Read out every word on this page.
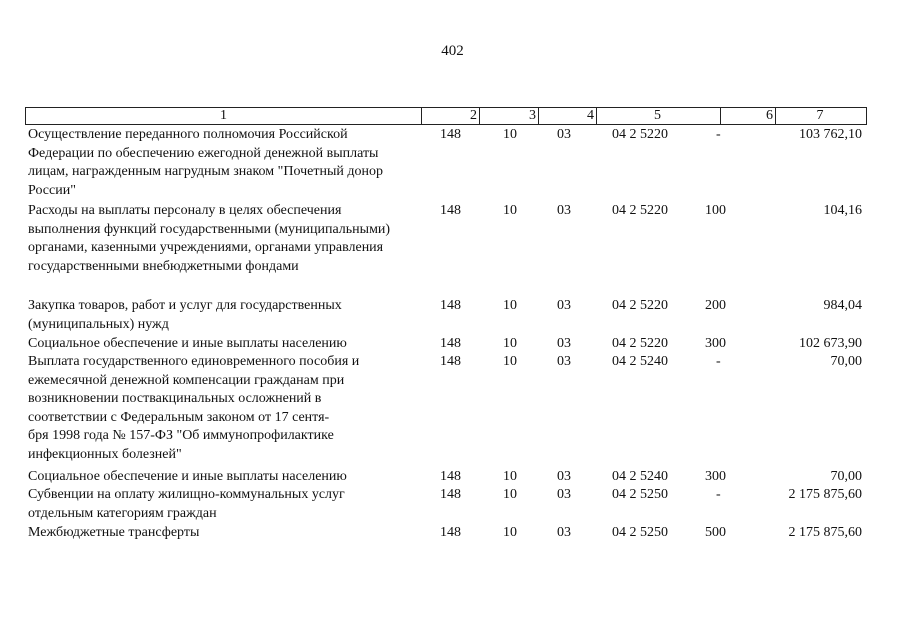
402
1	2	3	4	5	6	7
Осуществление переданного полномочия Российской
Федерации по обеспечению ежегодной денежной выплаты
лицам, награжденным нагрудным знаком "Почетный донор
России"
148	10	03	04 2 5220	-	103 762,10
Расходы на выплаты персоналу в целях обеспечения
выполнения функций государственными (муниципальными)
органами, казенными учреждениями, органами управления
государственными внебюджетными фондами
148	10	03	04 2 5220	100	104,16
Закупка товаров, работ и услуг для государственных
(муниципальных) нужд
148	10	03	04 2 5220	200	984,04
Социальное обеспечение и иные выплаты населению	148	10	03	04 2 5220	300	102 673,90
Выплата государственного единовременного пособия и
ежемесячной денежной компенсации гражданам при
возникновении поствакцинальных осложнений в
соответствии с Федеральным законом от 17 сентя-
бря 1998 года № 157-ФЗ "Об иммунопрофилактике
инфекционных болезней"
148	10	03	04 2 5240	-	70,00
Социальное обеспечение и иные выплаты населению	148	10	03	04 2 5240	300	70,00
Субвенции на оплату жилищно-коммунальных услуг
отдельным категориям граждан
148	10	03	04 2 5250	-	2 175 875,60
Межбюджетные трансферты	148	10	03	04 2 5250	500	2 175 875,60
